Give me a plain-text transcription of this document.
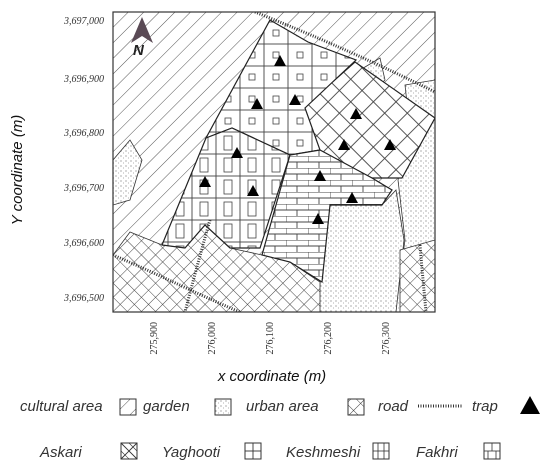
N
3,697,000
3,696,900
3,696,800
3,696,700
3,696,600
3,696,500
275,900	276,000	276,100	276,200	276,300
Y coordinate (m)
x coordinate (m)
cultural area	garden	urban area	road	trap
Askari	Yaghooti	Keshmeshi	Fakhri
